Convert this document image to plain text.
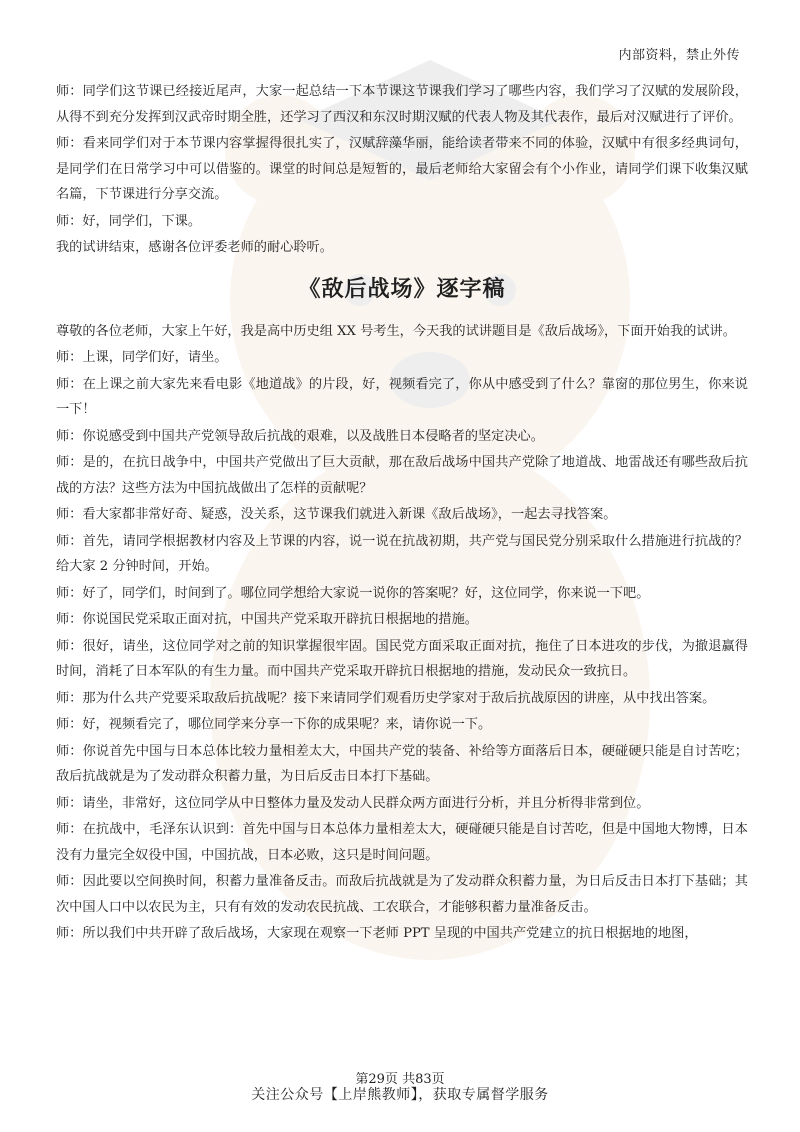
内部资料，禁止外传

师：同学们这节课已经接近尾声，大家一起总结一下本节课这节课我们学习了哪些内容，我们学习了汉赋的发展阶段，从得不到充分发挥到汉武帝时期全胜，还学习了西汉和东汉时期汉赋的代表人物及其代表作，最后对汉赋进行了评价。

师：看来同学们对于本节课内容掌握得很扎实了，汉赋辞藻华丽，能给读者带来不同的体验，汉赋中有很多经典词句，是同学们在日常学习中可以借鉴的。课堂的时间总是短暂的，最后老师给大家留会有个小作业，请同学们课下收集汉赋名篇，下节课进行分享交流。

师：好，同学们，下课。

我的试讲结束，感谢各位评委老师的耐心聆听。

《敌后战场》逐字稿

尊敬的各位老师，大家上午好，我是高中历史组 XX 号考生，今天我的试讲题目是《敌后战场》，下面开始我的试讲。

师：上课，同学们好，请坐。

师：在上课之前大家先来看电影《地道战》的片段，好，视频看完了，你从中感受到了什么？靠窗的那位男生，你来说一下！

师：你说感受到中国共产党领导敌后抗战的艰难，以及战胜日本侵略者的坚定决心。

师：是的，在抗日战争中，中国共产党做出了巨大贡献，那在敌后战场中国共产党除了地道战、地雷战还有哪些敌后抗战的方法？这些方法为中国抗战做出了怎样的贡献呢？

师：看大家都非常好奇、疑惑，没关系，这节课我们就进入新课《敌后战场》，一起去寻找答案。

师：首先，请同学根据教材内容及上节课的内容，说一说在抗战初期，共产党与国民党分别采取什么措施进行抗战的？给大家 2 分钟时间，开始。

师：好了，同学们，时间到了。哪位同学想给大家说一说你的答案呢？好，这位同学，你来说一下吧。

师：你说国民党采取正面对抗，中国共产党采取开辟抗日根据地的措施。

师：很好，请坐，这位同学对之前的知识掌握很牢固。国民党方面采取正面对抗，拖住了日本进攻的步伐，为撤退赢得时间，消耗了日本军队的有生力量。而中国共产党采取开辟抗日根据地的措施，发动民众一致抗日。

师：那为什么共产党要采取敌后抗战呢？接下来请同学们观看历史学家对于敌后抗战原因的讲座，从中找出答案。

师：好，视频看完了，哪位同学来分享一下你的成果呢？来，请你说一下。

师：你说首先中国与日本总体比较力量相差太大，中国共产党的装备、补给等方面落后日本，硬碰硬只能是自讨苦吃；敌后抗战就是为了发动群众积蓄力量，为日后反击日本打下基础。

师：请坐，非常好，这位同学从中日整体力量及发动人民群众两方面进行分析，并且分析得非常到位。

师：在抗战中，毛泽东认识到：首先中国与日本总体力量相差太大，硬碰硬只能是自讨苦吃，但是中国地大物博，日本没有力量完全奴役中国，中国抗战，日本必败，这只是时间问题。

师：因此要以空间换时间，积蓄力量准备反击。而敌后抗战就是为了发动群众积蓄力量，为日后反击日本打下基础；其次中国人口中以农民为主，只有有效的发动农民抗战、工农联合，才能够积蓄力量准备反击。

师：所以我们中共开辟了敌后战场，大家现在观察一下老师 PPT 呈现的中国共产党建立的抗日根据地的地图，

第29页 共83页
关注公众号【上岸熊教师】，获取专属督学服务
